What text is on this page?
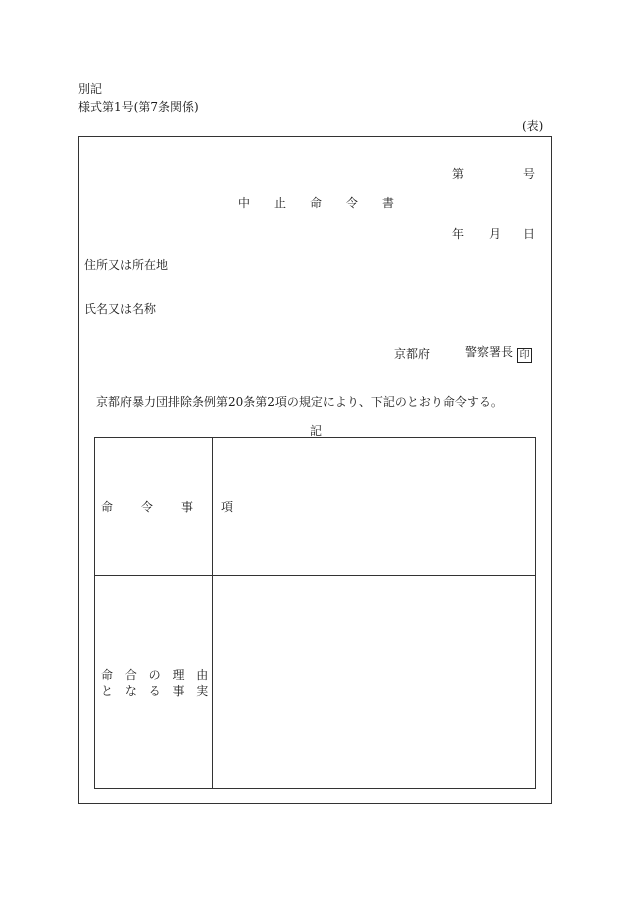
別記
様式第1号(第7条関係)
(表)
第	号
中止命令書
年 月 日
住所又は所在地
氏名又は名称
京都府	警察署長 印
京都府暴力団排除条例第20条第2項の規定により、下記のとおり命令する。
記
命　令　事　項
命 合 の 理 由
と な る 事 実
